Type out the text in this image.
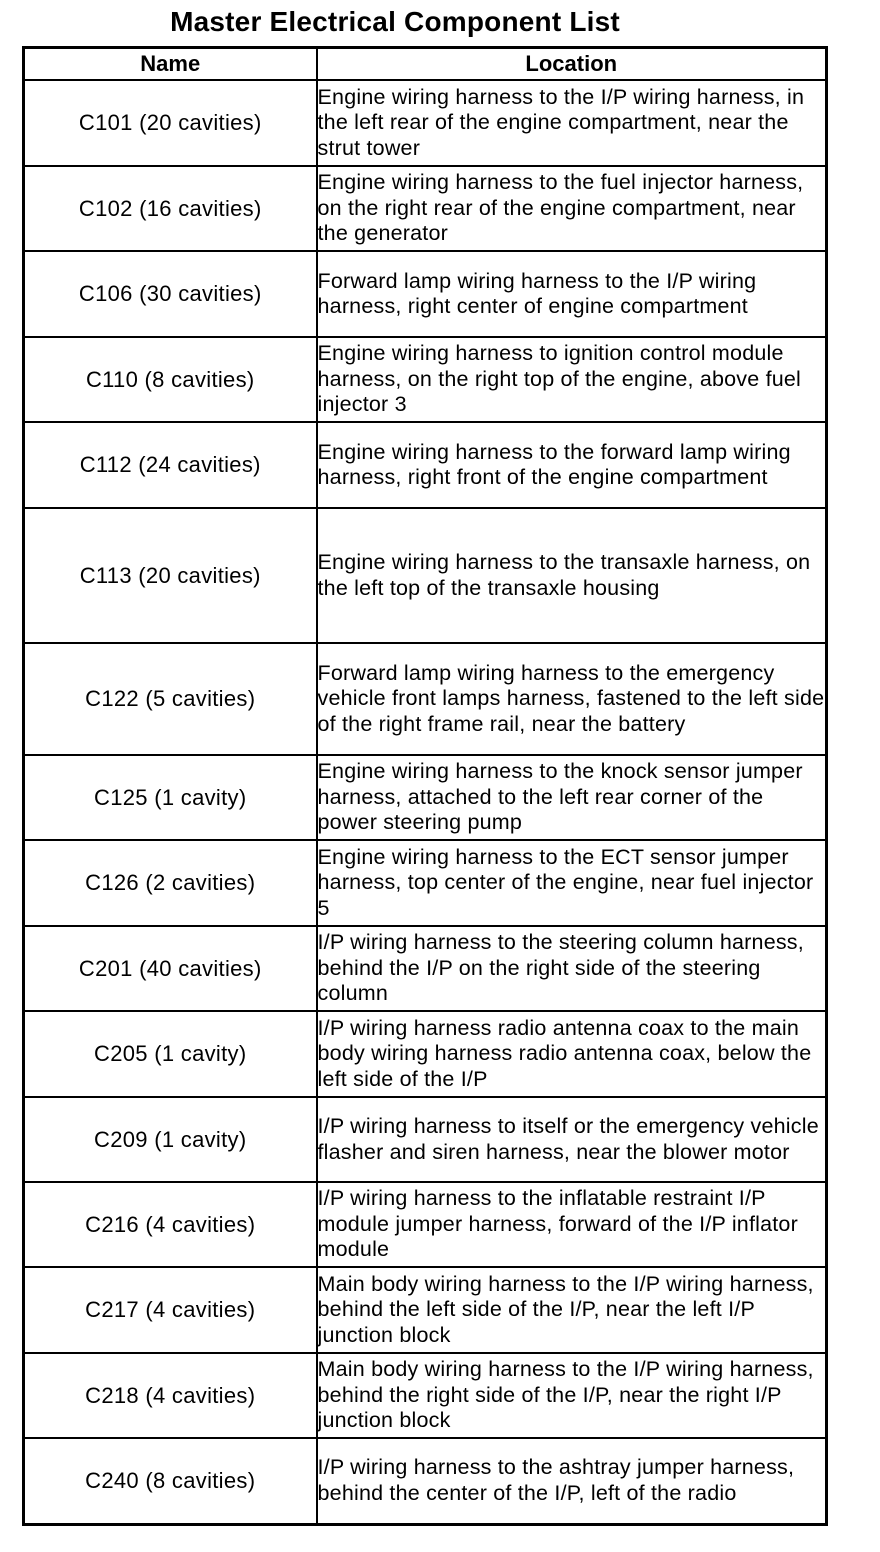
Master Electrical Component List
Name	Location
C101 (20 cavities)	Engine wiring harness to the I/P wiring harness, in the left rear of the engine compartment, near the strut tower
C102 (16 cavities)	Engine wiring harness to the fuel injector harness, on the right rear of the engine compartment, near the generator
C106 (30 cavities)	Forward lamp wiring harness to the I/P wiring harness, right center of engine compartment
C110 (8 cavities)	Engine wiring harness to ignition control module harness, on the right top of the engine, above fuel injector 3
C112 (24 cavities)	Engine wiring harness to the forward lamp wiring harness, right front of the engine compartment
C113 (20 cavities)	Engine wiring harness to the transaxle harness, on the left top of the transaxle housing
C122 (5 cavities)	Forward lamp wiring harness to the emergency vehicle front lamps harness, fastened to the left side of the right frame rail, near the battery
C125 (1 cavity)	Engine wiring harness to the knock sensor jumper harness, attached to the left rear corner of the power steering pump
C126 (2 cavities)	Engine wiring harness to the ECT sensor jumper harness, top center of the engine, near fuel injector 5
C201 (40 cavities)	I/P wiring harness to the steering column harness, behind the I/P on the right side of the steering column
C205 (1 cavity)	I/P wiring harness radio antenna coax to the main body wiring harness radio antenna coax, below the left side of the I/P
C209 (1 cavity)	I/P wiring harness to itself or the emergency vehicle flasher and siren harness, near the blower motor
C216 (4 cavities)	I/P wiring harness to the inflatable restraint I/P module jumper harness, forward of the I/P inflator module
C217 (4 cavities)	Main body wiring harness to the I/P wiring harness, behind the left side of the I/P, near the left I/P junction block
C218 (4 cavities)	Main body wiring harness to the I/P wiring harness, behind the right side of the I/P, near the right I/P junction block
C240 (8 cavities)	I/P wiring harness to the ashtray jumper harness, behind the center of the I/P, left of the radio
